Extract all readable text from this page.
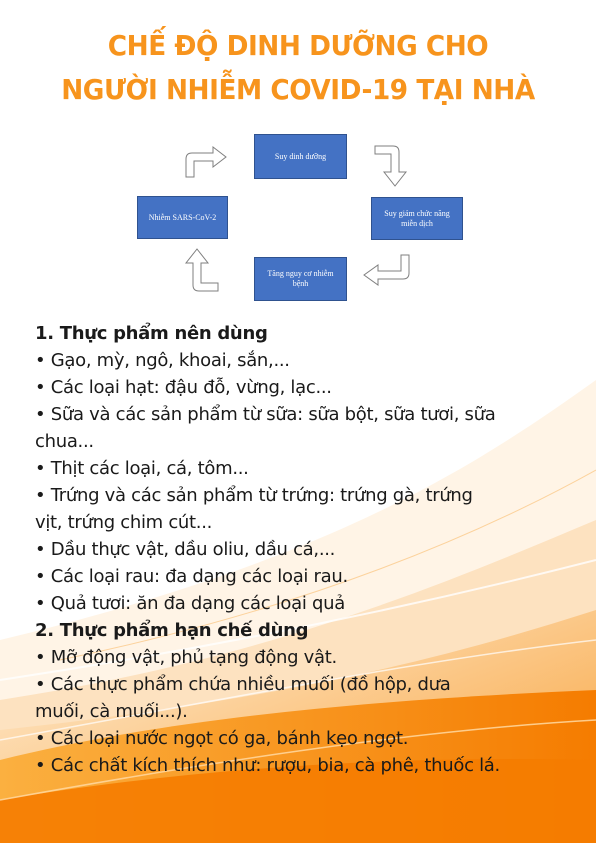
CHẾ ĐỘ DINH DƯỠNG CHO
NGƯỜI NHIỄM COVID-19 TẠI NHÀ
Suy dinh dưỡng
Suy giảm chức năng miễn dịch
Tăng nguy cơ nhiễm bệnh
Nhiễm SARS-CoV-2
1. Thực phẩm nên dùng
• Gạo, mỳ, ngô, khoai, sắn,...
• Các loại hạt: đậu đỗ, vừng, lạc...
• Sữa và các sản phẩm từ sữa: sữa bột, sữa tươi, sữa
chua...
• Thịt các loại, cá, tôm...
• Trứng và các sản phẩm từ trứng: trứng gà, trứng
vịt, trứng chim cút...
• Dầu thực vật, dầu oliu, dầu cá,...
• Các loại rau: đa dạng các loại rau.
• Quả tươi: ăn đa dạng các loại quả
2. Thực phẩm hạn chế dùng
• Mỡ động vật, phủ tạng động vật.
• Các thực phẩm chứa nhiều muối (đồ hộp, dưa
muối, cà muối...).
• Các loại nước ngọt có ga, bánh kẹo ngọt.
• Các chất kích thích như: rượu, bia, cà phê, thuốc lá.
